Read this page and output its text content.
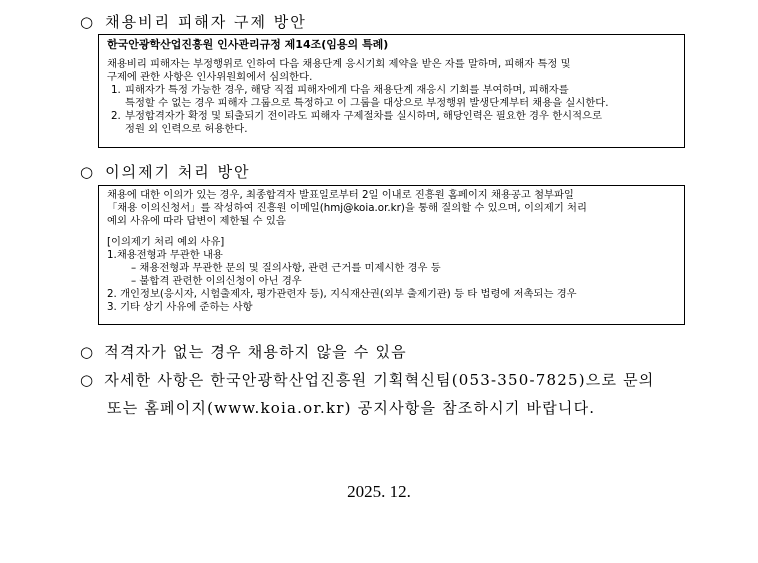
○ 채용비리 피해자 구제 방안

한국안광학산업진흥원 인사관리규정 제14조(임용의 특례)

채용비리 피해자는 부정행위로 인하여 다음 채용단계 응시기회 제약을 받은 자를 말하며, 피해자 특정 및

구제에 관한 사항은 인사위원회에서 심의한다.

1. 피해자가 특정 가능한 경우, 해당 직접 피해자에게 다음 채용단계 재응시 기회를 부여하며, 피해자를

특정할 수 없는 경우 피해자 그룹으로 특정하고 이 그룹을 대상으로 부정행위 발생단계부터 채용을 실시한다.

2. 부정합격자가 확정 및 퇴출되기 전이라도 피해자 구제절차를 실시하며, 해당인력은 필요한 경우 한시적으로

정원 외 인력으로 허용한다.

○ 이의제기 처리 방안

채용에 대한 이의가 있는 경우, 최종합격자 발표일로부터 2일 이내로 진흥원 홈페이지 채용공고 첨부파일

「채용 이의신청서」를 작성하여 진흥원 이메일(hmj@koia.or.kr)을 통해 질의할 수 있으며, 이의제기 처리

예외 사유에 따라 답변이 제한될 수 있음

[이의제기 처리 예외 사유]

1.채용전형과 무관한 내용

– 채용전형과 무관한 문의 및 질의사항, 관련 근거를 미제시한 경우 등

– 불합격 관련한 이의신청이 아닌 경우

2. 개인정보(응시자, 시험출제자, 평가관련자 등), 지식재산권(외부 출제기관) 등 타 법령에 저촉되는 경우

3. 기타 상기 사유에 준하는 사항

○ 적격자가 없는 경우 채용하지 않을 수 있음
○ 자세한 사항은 한국안광학산업진흥원 기획혁신팀(053-350-7825)으로 문의
또는 홈페이지(www.koia.or.kr) 공지사항을 참조하시기 바랍니다.
2025. 12.
